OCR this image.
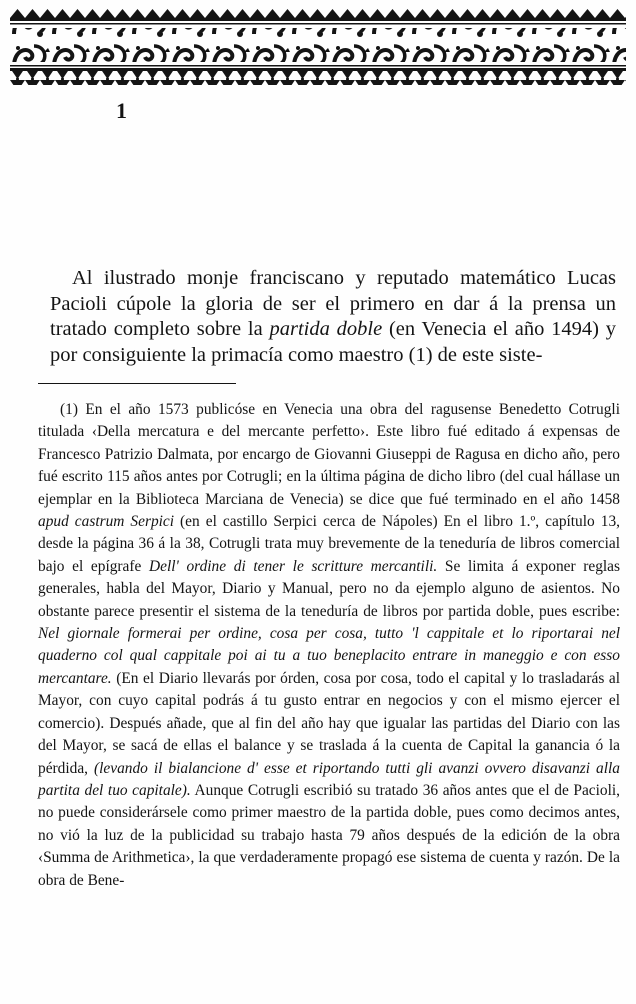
1

Al ilustrado monje franciscano y reputado matemático Lucas Pacioli cúpole la gloria de ser el primero en dar á la prensa un tratado completo sobre la partida doble (en Venecia el año 1494) y por consiguiente la primacía como maestro (1) de este siste-

(1) En el año 1573 publicóse en Venecia una obra del ragusense Benedetto Cotrugli titulada ‹Della mercatura e del mercante perfetto›. Este libro fué editado á expensas de Francesco Patrizio Dalmata, por encargo de Giovanni Giuseppi de Ragusa en dicho año, pero fué escrito 115 años antes por Cotrugli; en la última página de dicho libro (del cual hállase un ejemplar en la Biblioteca Marciana de Venecia) se dice que fué terminado en el año 1458 apud castrum Serpici (en el castillo Serpici cerca de Nápoles) En el libro 1.º, capítulo 13, desde la página 36 á la 38, Cotrugli trata muy brevemente de la teneduría de libros comercial bajo el epígrafe Dell' ordine di tener le scritture mercantili. Se limita á exponer reglas generales, habla del Mayor, Diario y Manual, pero no da ejemplo alguno de asientos. No obstante parece presentir el sistema de la teneduría de libros por partida doble, pues escribe: Nel giornale formerai per ordine, cosa per cosa, tutto 'l cappitale et lo riportarai nel quaderno col qual cappitale poi ai tu a tuo beneplacito entrare in maneggio e con esso mercantare. (En el Diario llevarás por órden, cosa por cosa, todo el capital y lo trasladarás al Mayor, con cuyo capital podrás á tu gusto entrar en negocios y con el mismo ejercer el comercio). Después añade, que al fin del año hay que igualar las partidas del Diario con las del Mayor, se sacá de ellas el balance y se traslada á la cuenta de Capital la ganancia ó la pérdida, (levando il bialancione d' esse et riportando tutti gli avanzi ovvero disavanzi alla partita del tuo capitale). Aunque Cotrugli escribió su tratado 36 años antes que el de Pacioli, no puede considerársele como primer maestro de la partida doble, pues como decimos antes, no vió la luz de la publicidad su trabajo hasta 79 años después de la edición de la obra ‹Summa de Arithmetica›, la que verdaderamente propagó ese sistema de cuenta y razón. De la obra de Bene-
